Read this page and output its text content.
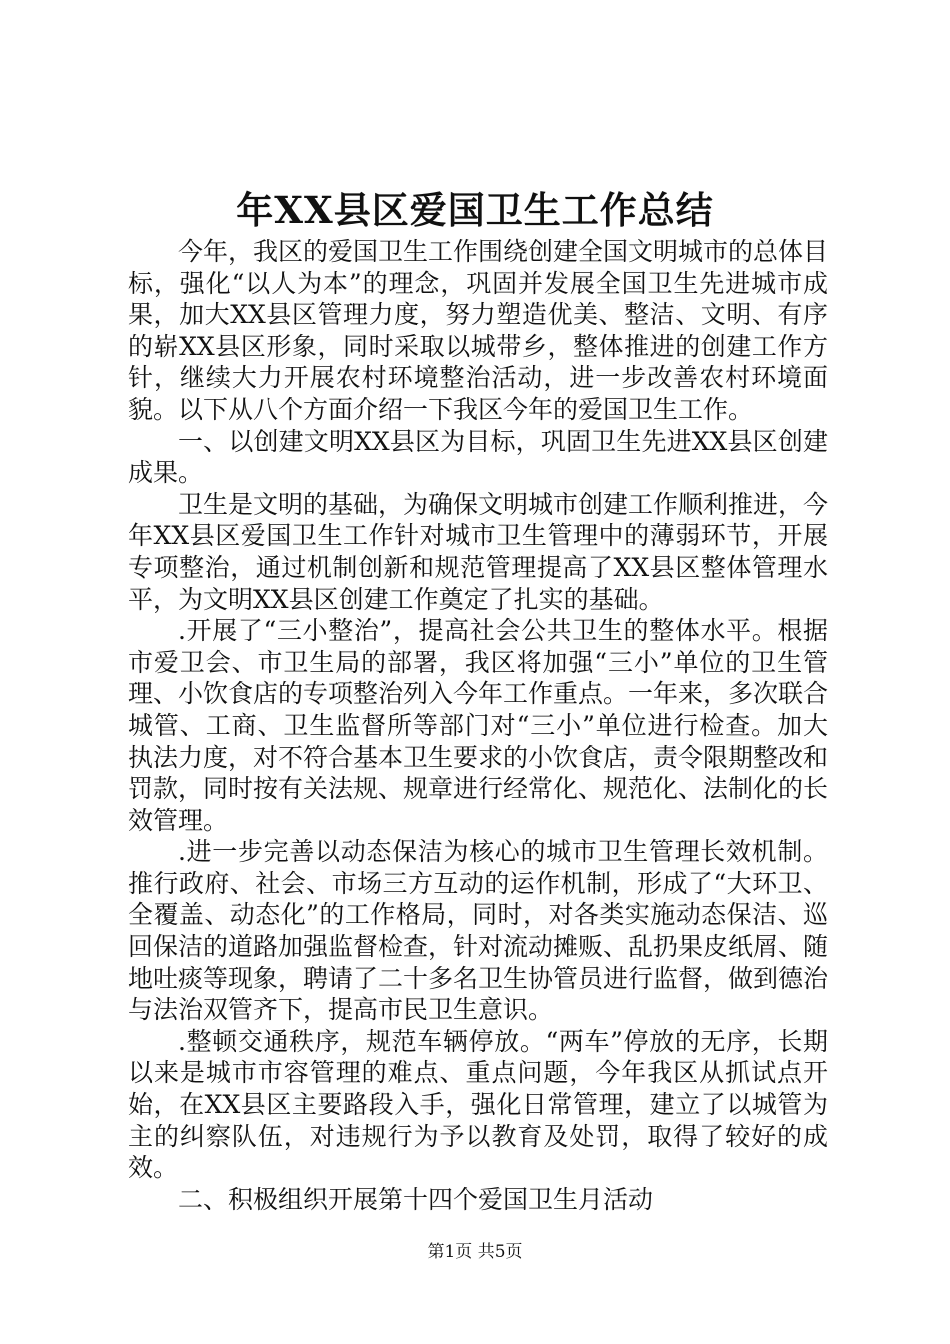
年XX县区爱国卫生工作总结

今年，我区的爱国卫生工作围绕创建全国文明城市的总体目标，强化“以人为本”的理念，巩固并发展全国卫生先进城市成果，加大XX县区管理力度，努力塑造优美、整洁、文明、有序的崭XX县区形象，同时采取以城带乡，整体推进的创建工作方针，继续大力开展农村环境整治活动，进一步改善农村环境面貌。以下从八个方面介绍一下我区今年的爱国卫生工作。

一、以创建文明XX县区为目标，巩固卫生先进XX县区创建成果。

卫生是文明的基础，为确保文明城市创建工作顺利推进，今年XX县区爱国卫生工作针对城市卫生管理中的薄弱环节，开展专项整治，通过机制创新和规范管理提高了XX县区整体管理水平，为文明XX县区创建工作奠定了扎实的基础。

.开展了“三小整治”，提高社会公共卫生的整体水平。根据市爱卫会、市卫生局的部署，我区将加强“三小”单位的卫生管理、小饮食店的专项整治列入今年工作重点。一年来，多次联合城管、工商、卫生监督所等部门对“三小”单位进行检查。加大执法力度，对不符合基本卫生要求的小饮食店，责令限期整改和罚款，同时按有关法规、规章进行经常化、规范化、法制化的长效管理。

.进一步完善以动态保洁为核心的城市卫生管理长效机制。推行政府、社会、市场三方互动的运作机制，形成了“大环卫、全覆盖、动态化”的工作格局，同时，对各类实施动态保洁、巡回保洁的道路加强监督检查，针对流动摊贩、乱扔果皮纸屑、随地吐痰等现象，聘请了二十多名卫生协管员进行监督，做到德治与法治双管齐下，提高市民卫生意识。

.整顿交通秩序，规范车辆停放。“两车”停放的无序，长期以来是城市市容管理的难点、重点问题，今年我区从抓试点开始，在XX县区主要路段入手，强化日常管理，建立了以城管为主的纠察队伍，对违规行为予以教育及处罚，取得了较好的成效。

二、积极组织开展第十四个爱国卫生月活动

第1页 共5页
